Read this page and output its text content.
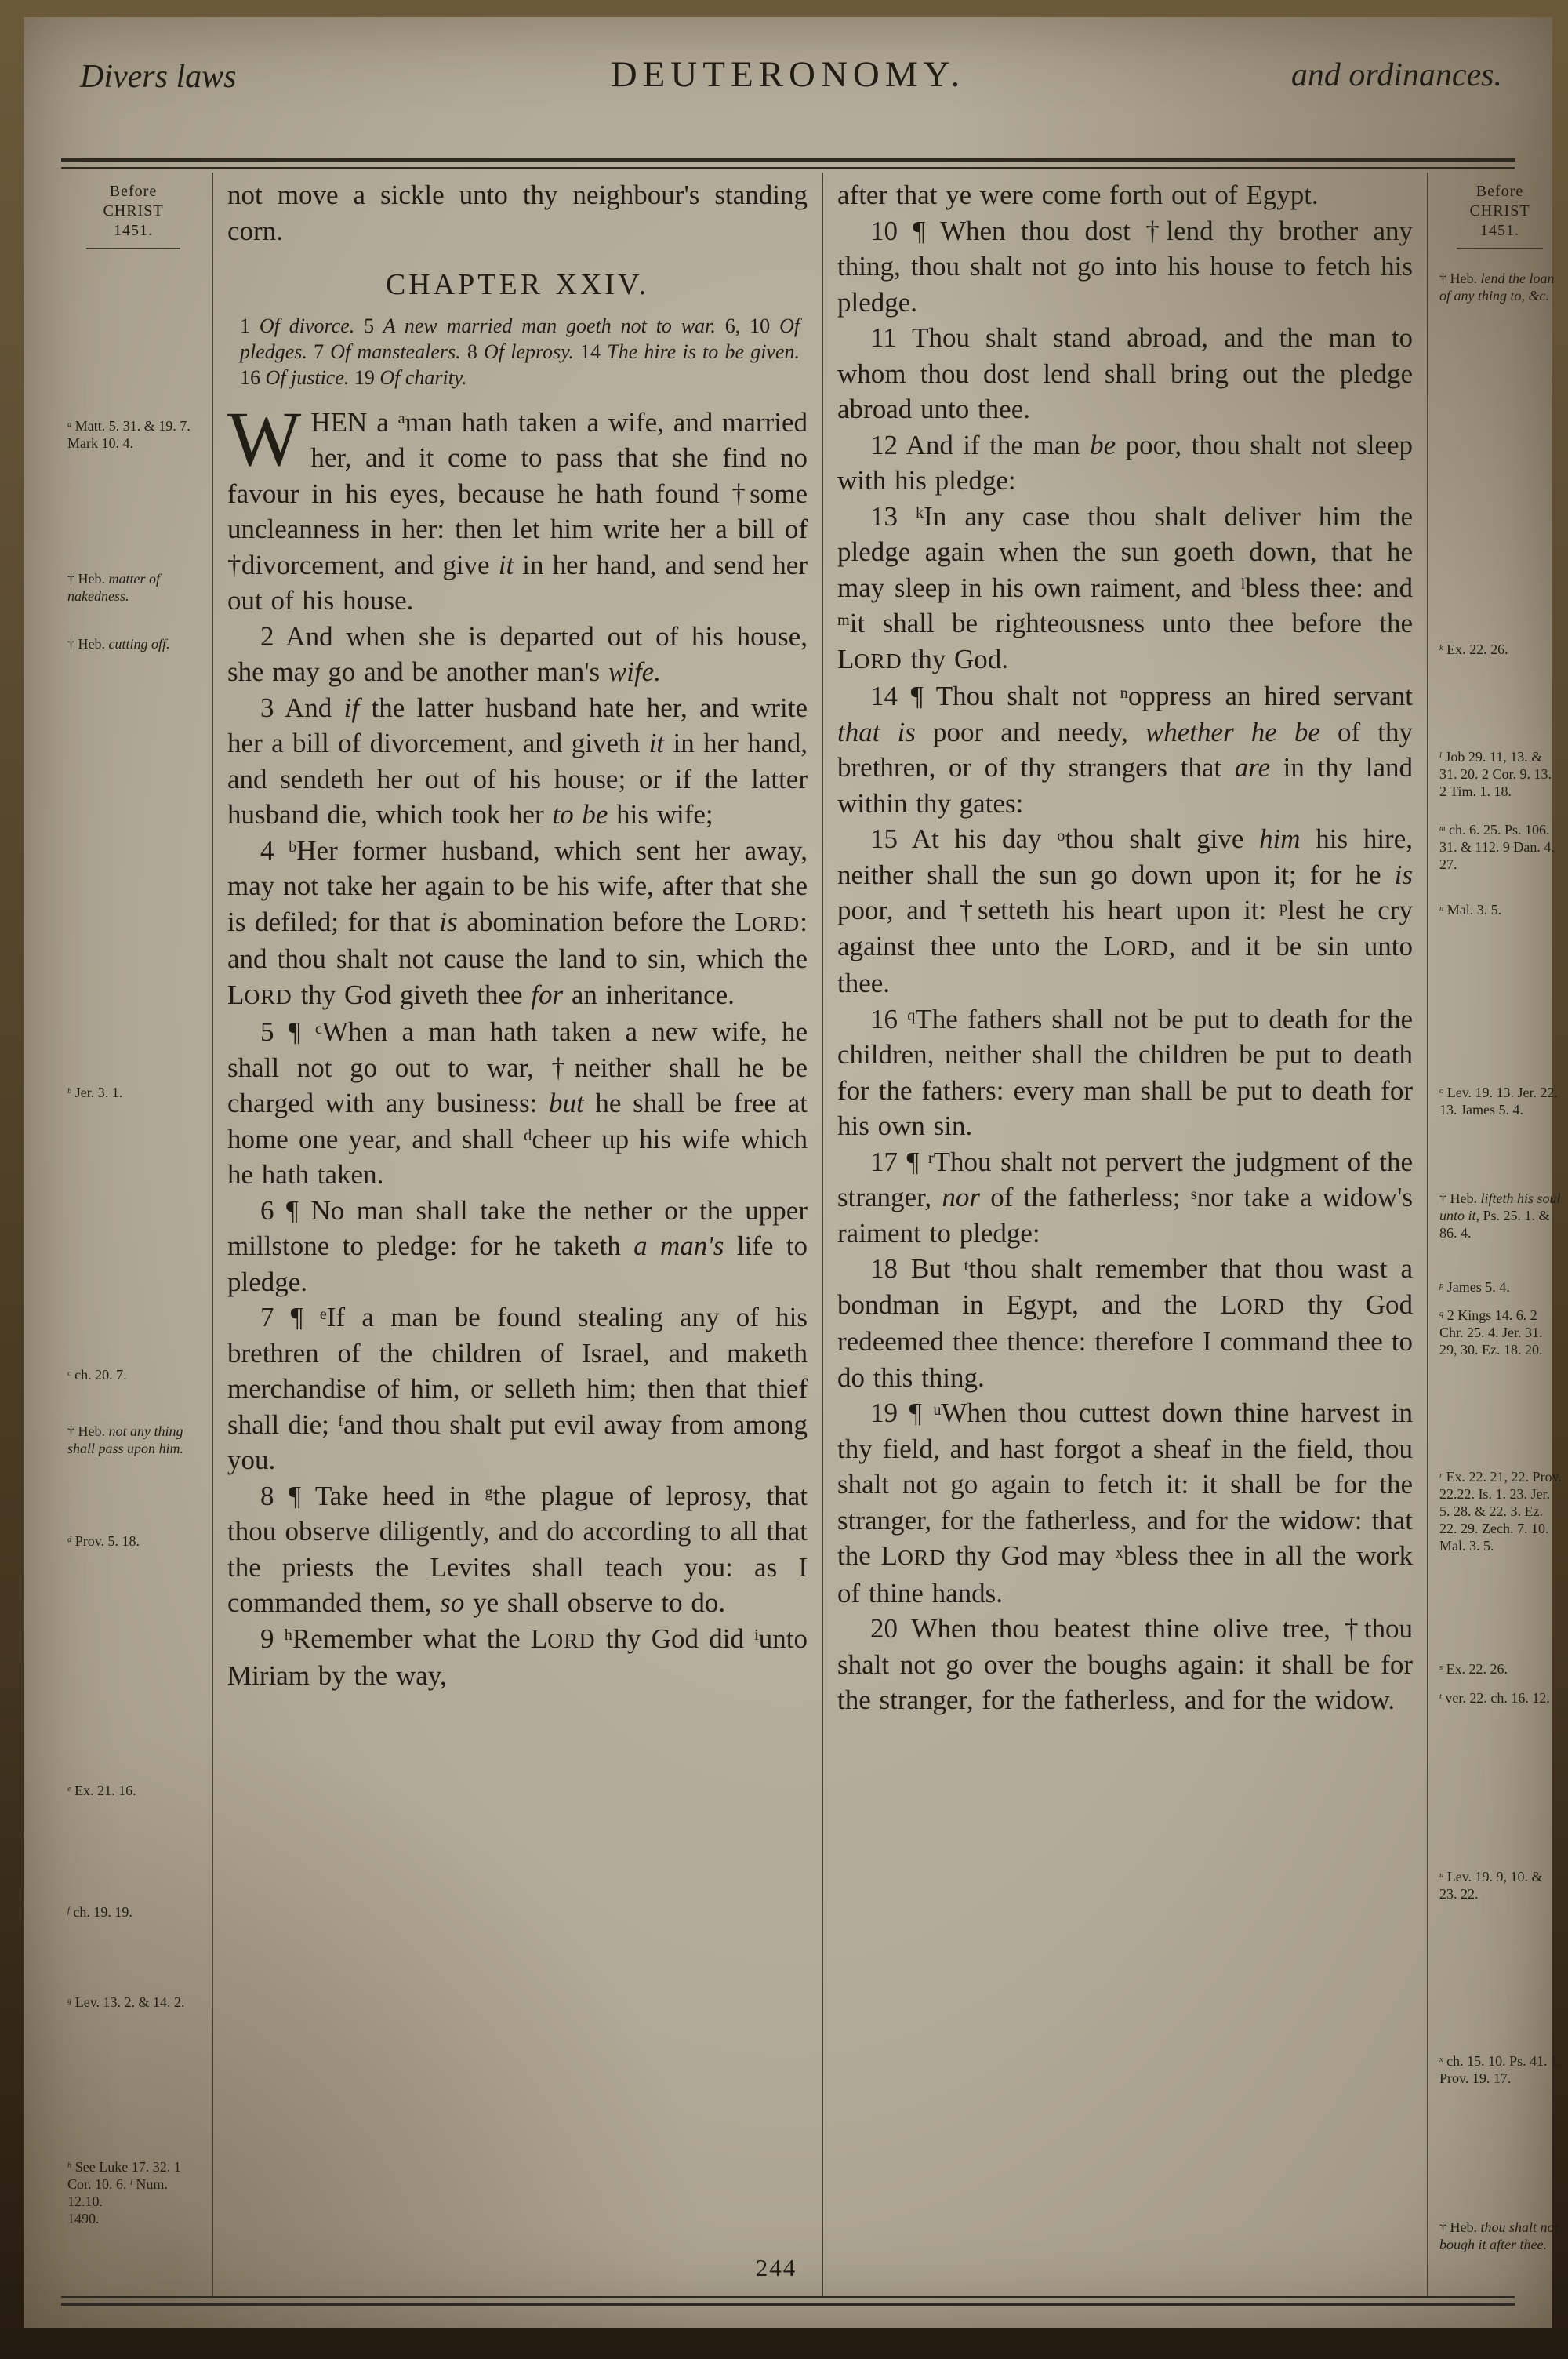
Divers laws	DEUTERONOMY.	and ordinances.
Before
CHRIST
1451.
$^a$ Matt. 5. 31. & 19. 7. Mark 10. 4.
† Heb. matter of nakedness.
† Heb. cutting off.
$^b$ Jer. 3. 1.
$^c$ ch. 20. 7.
† Heb. not any thing shall pass upon him.
$^d$ Prov. 5. 18.
$^e$ Ex. 21. 16.
$^f$ ch. 19. 19.
$^g$ Lev. 13. 2. & 14. 2.
$^h$ See Luke 17. 32. 1 Cor. 10. 6. $^i$ Num. 12.10.
1490.

not move a sickle unto thy neighbour's standing corn.

CHAPTER XXIV.

1 Of divorce. 5 A new married man goeth not to war. 6, 10 Of pledges. 7 Of manstealers. 8 Of leprosy. 14 The hire is to be given. 16 Of justice. 19 Of charity.

WHEN a $^a$man hath taken a wife, and married her, and it come to pass that she find no favour in his eyes, because he hath found †some uncleanness in her: then let him write her a bill of †divorcement, and give it in her hand, and send her out of his house.

2 And when she is departed out of his house, she may go and be another man's wife.

3 And if the latter husband hate her, and write her a bill of divorcement, and giveth it in her hand, and sendeth her out of his house; or if the latter husband die, which took her to be his wife;

4 $^b$Her former husband, which sent her away, may not take her again to be his wife, after that she is defiled; for that is abomination before the LORD: and thou shalt not cause the land to sin, which the LORD thy God giveth thee for an inheritance.

5 ¶ $^c$When a man hath taken a new wife, he shall not go out to war, †neither shall he be charged with any business: but he shall be free at home one year, and shall $^d$cheer up his wife which he hath taken.

6 ¶ No man shall take the nether or the upper millstone to pledge: for he taketh a man's life to pledge.

7 ¶ $^e$If a man be found stealing any of his brethren of the children of Israel, and maketh merchandise of him, or selleth him; then that thief shall die; $^f$and thou shalt put evil away from among you.

8 ¶ Take heed in $^g$the plague of leprosy, that thou observe diligently, and do according to all that the priests the Levites shall teach you: as I commanded them, so ye shall observe to do.

9 $^h$Remember what the LORD thy God did $^i$unto Miriam by the way,

after that ye were come forth out of Egypt.

10 ¶ When thou dost †lend thy brother any thing, thou shalt not go into his house to fetch his pledge.

11 Thou shalt stand abroad, and the man to whom thou dost lend shall bring out the pledge abroad unto thee.

12 And if the man be poor, thou shalt not sleep with his pledge:

13 $^k$In any case thou shalt deliver him the pledge again when the sun goeth down, that he may sleep in his own raiment, and $^l$bless thee: and $^m$it shall be righteousness unto thee before the LORD thy God.

14 ¶ Thou shalt not $^n$oppress an hired servant that is poor and needy, whether he be of thy brethren, or of thy strangers that are in thy land within thy gates:

15 At his day $^o$thou shalt give him his hire, neither shall the sun go down upon it; for he is poor, and †setteth his heart upon it: $^p$lest he cry against thee unto the LORD, and it be sin unto thee.

16 $^q$The fathers shall not be put to death for the children, neither shall the children be put to death for the fathers: every man shall be put to death for his own sin.

17 ¶ $^r$Thou shalt not pervert the judgment of the stranger, nor of the fatherless; $^s$nor take a widow's raiment to pledge:

18 But $^t$thou shalt remember that thou wast a bondman in Egypt, and the LORD thy God redeemed thee thence: therefore I command thee to do this thing.

19 ¶ $^u$When thou cuttest down thine harvest in thy field, and hast forgot a sheaf in the field, thou shalt not go again to fetch it: it shall be for the stranger, for the fatherless, and for the widow: that the LORD thy God may $^x$bless thee in all the work of thine hands.

20 When thou beatest thine olive tree, †thou shalt not go over the boughs again: it shall be for the stranger, for the fatherless, and for the widow.

Before
CHRIST
1451.
† Heb. lend the loan of any thing to, &c.
$^k$ Ex. 22. 26.
$^l$ Job 29. 11, 13. & 31. 20. 2 Cor. 9. 13. 2 Tim. 1. 18.
$^m$ ch. 6. 25. Ps. 106. 31. & 112. 9 Dan. 4. 27.
$^n$ Mal. 3. 5.
$^o$ Lev. 19. 13. Jer. 22. 13. James 5. 4.
† Heb. lifteth his soul unto it, Ps. 25. 1. & 86. 4.
$^p$ James 5. 4.
$^q$ 2 Kings 14. 6. 2 Chr. 25. 4. Jer. 31. 29, 30. Ez. 18. 20.
$^r$ Ex. 22. 21, 22. Prov. 22.22. Is. 1. 23. Jer. 5. 28. & 22. 3. Ez. 22. 29. Zech. 7. 10. Mal. 3. 5.
$^s$ Ex. 22. 26.
$^t$ ver. 22. ch. 16. 12.
$^u$ Lev. 19. 9, 10. & 23. 22.
$^x$ ch. 15. 10. Ps. 41. 1. Prov. 19. 17.
† Heb. thou shalt not bough it after thee.
244
